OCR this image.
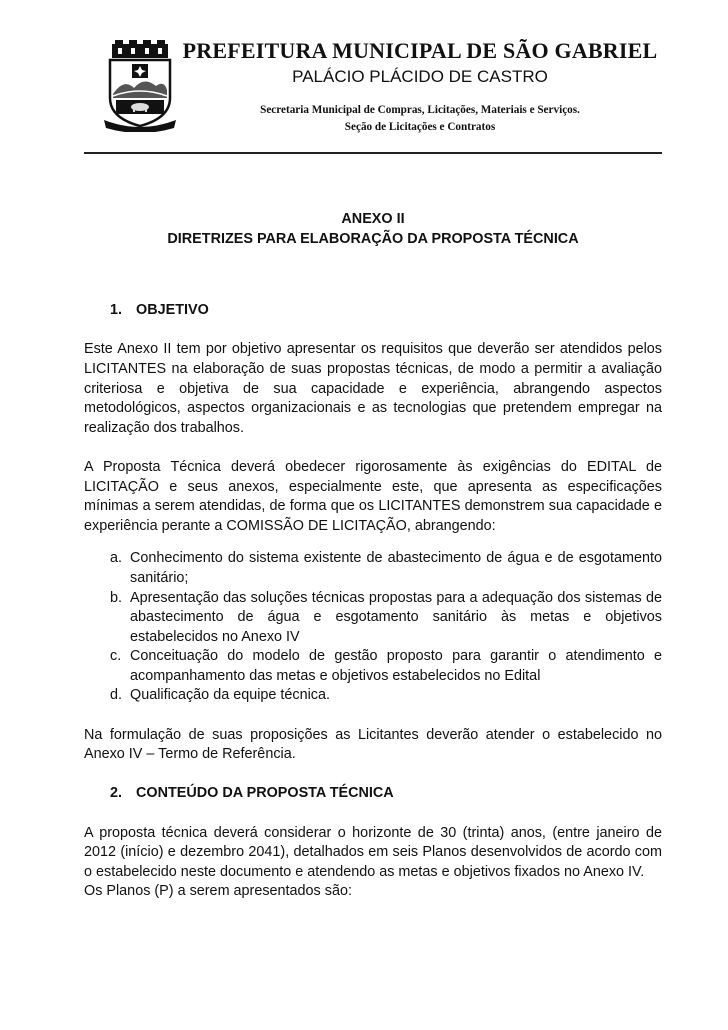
PREFEITURA MUNICIPAL DE SÃO GABRIEL
PALÁCIO PLÁCIDO DE CASTRO
Secretaria Municipal de Compras, Licitações, Materiais e Serviços.
Seção de Licitações e Contratos

ANEXO II

DIRETRIZES PARA ELABORAÇÃO DA PROPOSTA TÉCNICA

1. OBJETIVO

Este Anexo II tem por objetivo apresentar os requisitos que deverão ser atendidos pelos LICITANTES na elaboração de suas propostas técnicas, de modo a permitir a avaliação criteriosa e objetiva de sua capacidade e experiência, abrangendo aspectos metodológicos, aspectos organizacionais e as tecnologias que pretendem empregar na realização dos trabalhos.

A Proposta Técnica deverá obedecer rigorosamente às exigências do EDITAL de LICITAÇÃO e seus anexos, especialmente este, que apresenta as especificações mínimas a serem atendidas, de forma que os LICITANTES demonstrem sua capacidade e experiência perante a COMISSÃO DE LICITAÇÃO, abrangendo:

a. Conhecimento do sistema existente de abastecimento de água e de esgotamento sanitário;
b. Apresentação das soluções técnicas propostas para a adequação dos sistemas de abastecimento de água e esgotamento sanitário às metas e objetivos estabelecidos no Anexo IV
c. Conceituação do modelo de gestão proposto para garantir o atendimento e acompanhamento das metas e objetivos estabelecidos no Edital
d. Qualificação da equipe técnica.

Na formulação de suas proposições as Licitantes deverão atender o estabelecido no Anexo IV – Termo de Referência.

2. CONTEÚDO DA PROPOSTA TÉCNICA

A proposta técnica deverá considerar o horizonte de 30 (trinta) anos, (entre janeiro de 2012 (início) e dezembro 2041), detalhados em seis Planos desenvolvidos de acordo com o estabelecido neste documento e atendendo as metas e objetivos fixados no Anexo IV.

Os Planos (P) a serem apresentados são:
